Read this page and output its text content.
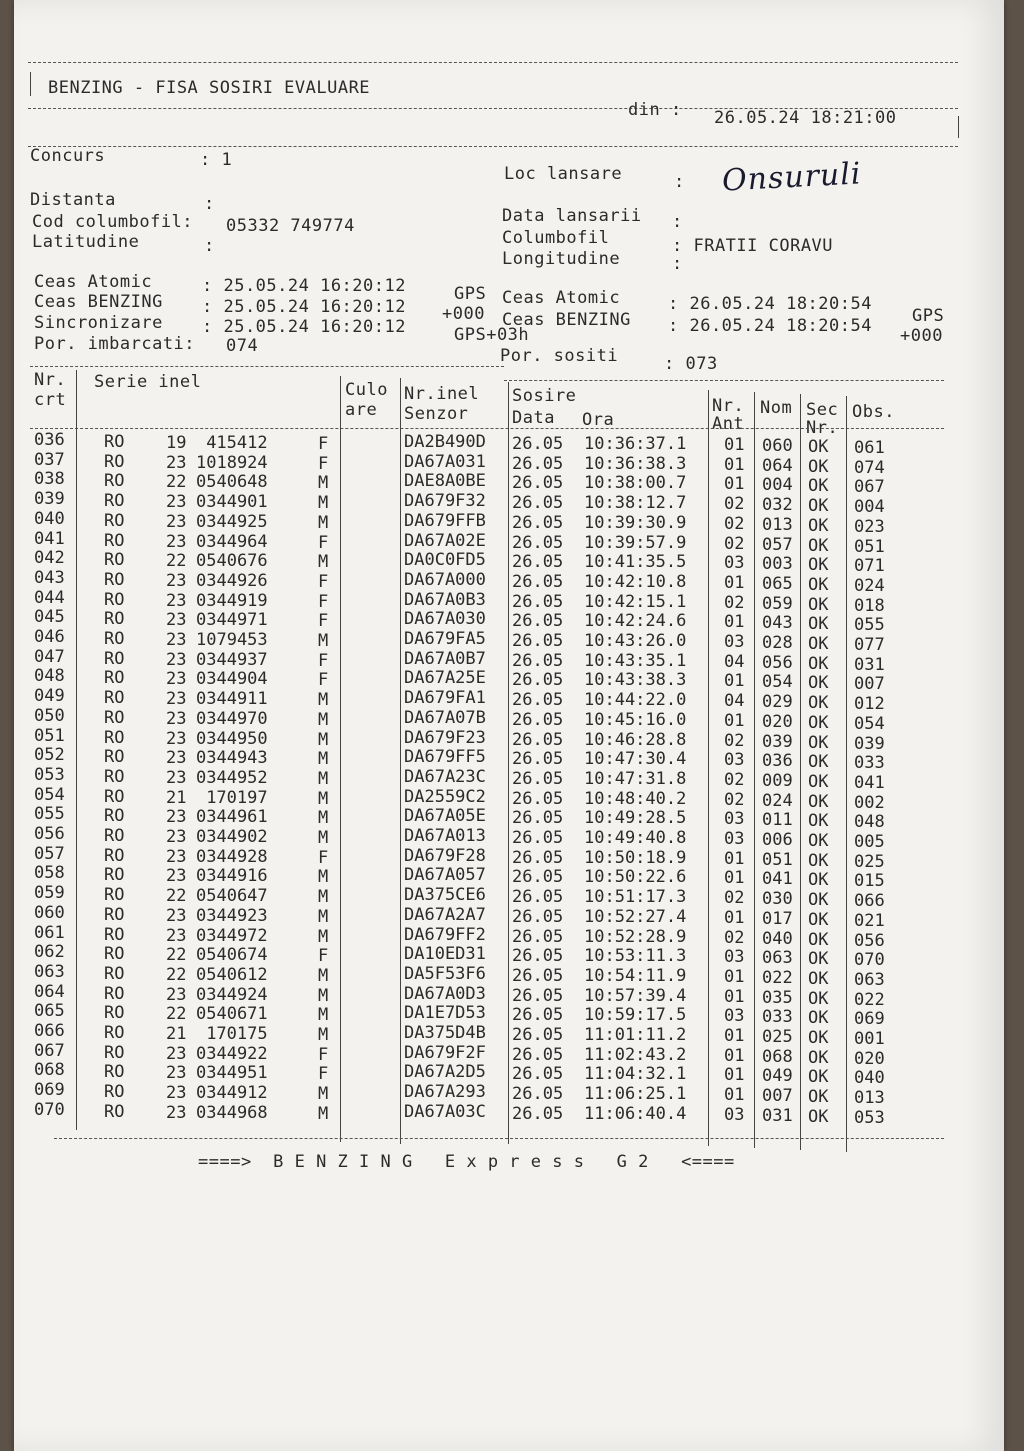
BENZING - FISA SOSIRI EVALUARE
din : 26.05.24 18:21:00
Concurs	: 1
Loc lansare	: Onsuruli
Distanta	:
Cod columbofil: 05332 749774
Latitudine	:
Data lansarii :
Columbofil	: FRATII CORAVU
Longitudine	:
Ceas Atomic	: 25.05.24 16:20:12	GPS
Ceas BENZING : 25.05.24 16:20:12 +000
Sincronizare : 25.05.24 16:20:12	GPS+03h
Por. imbarcati: 074
Ceas Atomic	: 26.05.24 18:20:54
GPS
Ceas BENZING : 26.05.24 18:20:54 +000
Por. sositi	: 073
Nr.
crt
Serie inel	Culo
are
Nr.inel
Senzor
Sosire
Data Ora
Nr.
Ant
Nom Sec
Nr.
Obs.
036 RO 19 415412	F	DA2B490D 26.05 10:36:37.1 01 060 OK 061
037 RO 23 1018924	F	DA67A031 26.05 10:36:38.3 01 064 OK 074
038 RO 22 0540648	M	DAE8A0BE 26.05 10:38:00.7 01 004 OK 067
039 RO 23 0344901	M	DA679F32 26.05 10:38:12.7 02 032 OK 004
040 RO 23 0344925	M	DA679FFB 26.05 10:39:30.9 02 013 OK 023
041 RO 23 0344964	F	DA67A02E 26.05 10:39:57.9 02 057 OK 051
042 RO 22 0540676	M	DA0C0FD5 26.05 10:41:35.5 03 003 OK 071
043 RO 23 0344926	F	DA67A000 26.05 10:42:10.8 01 065 OK 024
044 RO 23 0344919	F	DA67A0B3 26.05 10:42:15.1 02 059 OK 018
045 RO 23 0344971	F	DA67A030 26.05 10:42:24.6 01 043 OK 055
046 RO 23 1079453	M	DA679FA5 26.05 10:43:26.0 03 028 OK 077
047 RO 23 0344937	F	DA67A0B7 26.05 10:43:35.1 04 056 OK 031
048 RO 23 0344904	F	DA67A25E 26.05 10:43:38.3 01 054 OK 007
049 RO 23 0344911	M	DA679FA1 26.05 10:44:22.0 04 029 OK 012
050 RO 23 0344970	M	DA67A07B 26.05 10:45:16.0 01 020 OK 054
051 RO 23 0344950	M	DA679F23 26.05 10:46:28.8 02 039 OK 039
052 RO 23 0344943	M	DA679FF5 26.05 10:47:30.4 03 036 OK 033
053 RO 23 0344952	M	DA67A23C 26.05 10:47:31.8 02 009 OK 041
054 RO 21 170197	M	DA2559C2 26.05 10:48:40.2 02 024 OK 002
055 RO 23 0344961	M	DA67A05E 26.05 10:49:28.5 03 011 OK 048
056 RO 23 0344902	M	DA67A013 26.05 10:49:40.8 03 006 OK 005
057 RO 23 0344928	F	DA679F28 26.05 10:50:18.9 01 051 OK 025
058 RO 23 0344916	M	DA67A057 26.05 10:50:22.6 01 041 OK 015
059 RO 22 0540647	M	DA375CE6 26.05 10:51:17.3 02 030 OK 066
060 RO 23 0344923	M	DA67A2A7 26.05 10:52:27.4 01 017 OK 021
061 RO 23 0344972	M	DA679FF2 26.05 10:52:28.9 02 040 OK 056
062 RO 22 0540674	F	DA10ED31 26.05 10:53:11.3 03 063 OK 070
063 RO 22 0540612	M	DA5F53F6 26.05 10:54:11.9 01 022 OK 063
064 RO 23 0344924	M	DA67A0D3 26.05 10:57:39.4 01 035 OK 022
065 RO 22 0540671	M	DA1E7D53 26.05 10:59:17.5 03 033 OK 069
066 RO 21 170175	M	DA375D4B 26.05 11:01:11.2 01 025 OK 001
067 RO 23 0344922	F	DA679F2F 26.05 11:02:43.2 01 068 OK 020
068 RO 23 0344951	F	DA67A2D5 26.05 11:04:32.1 01 049 OK 040
069 RO 23 0344912	M	DA67A293 26.05 11:06:25.1 01 007 OK 013
070 RO 23 0344968	M	DA67A03C 26.05 11:06:40.4 03 031 OK 053
====>  B E N Z I N G   E x p r e s s   G 2   <====
